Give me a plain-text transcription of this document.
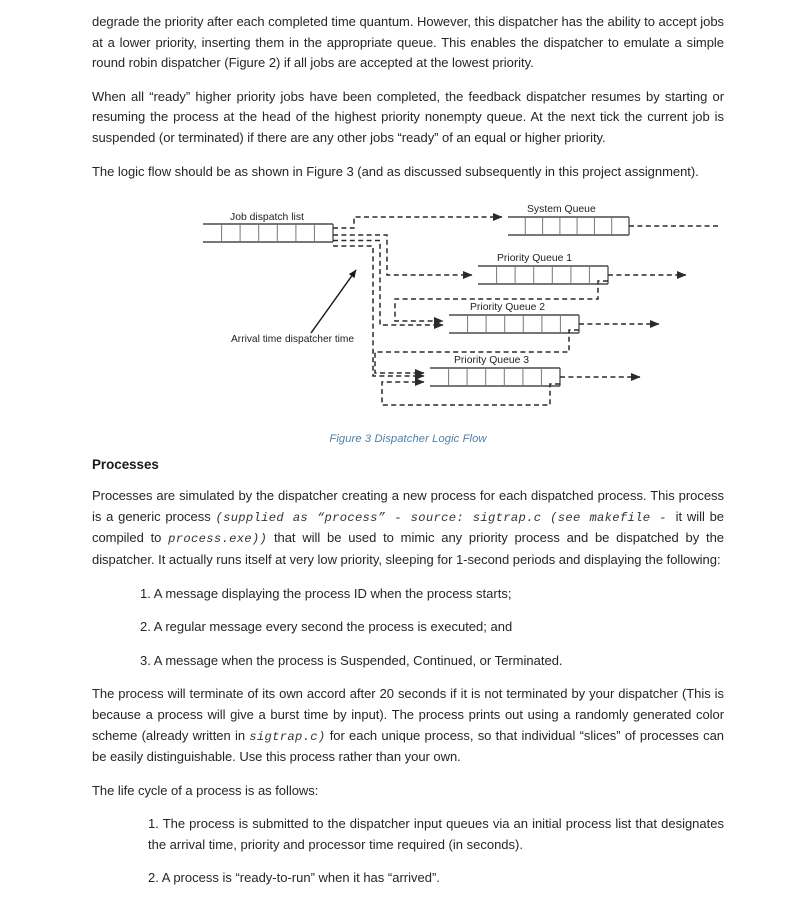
degrade the priority after each completed time quantum. However, this dispatcher has the ability to accept jobs at a lower priority, inserting them in the appropriate queue. This enables the dispatcher to emulate a simple round robin dispatcher (Figure 2) if all jobs are accepted at the lowest priority.

When all “ready” higher priority jobs have been completed, the feedback dispatcher resumes by starting or resuming the process at the head of the highest priority nonempty queue. At the next tick the current job is suspended (or terminated) if there are any other jobs “ready” of an equal or higher priority.

The logic flow should be as shown in Figure 3 (and as discussed subsequently in this project assignment).

Job dispatch list
System Queue
Priority Queue 1
Priority Queue 2
Priority Queue 3
Arrival time dispatcher time

Figure 3 Dispatcher Logic Flow

Processes

Processes are simulated by the dispatcher creating a new process for each dispatched process. This process is a generic process (supplied as “process” - source: sigtrap.c (see makefile - it will be compiled to process.exe)) that will be used to mimic any priority process and be dispatched by the dispatcher. It actually runs itself at very low priority, sleeping for 1-second periods and displaying the following:

1. A message displaying the process ID when the process starts;
2. A regular message every second the process is executed; and
3. A message when the process is Suspended, Continued, or Terminated.

The process will terminate of its own accord after 20 seconds if it is not terminated by your dispatcher (This is because a process will give a burst time by input). The process prints out using a randomly generated color scheme (already written in sigtrap.c) for each unique process, so that individual “slices” of processes can be easily distinguishable. Use this process rather than your own.

The life cycle of a process is as follows:

1. The process is submitted to the dispatcher input queues via an initial process list that designates the arrival time, priority and processor time required (in seconds).
2. A process is “ready-to-run” when it has “arrived”.
